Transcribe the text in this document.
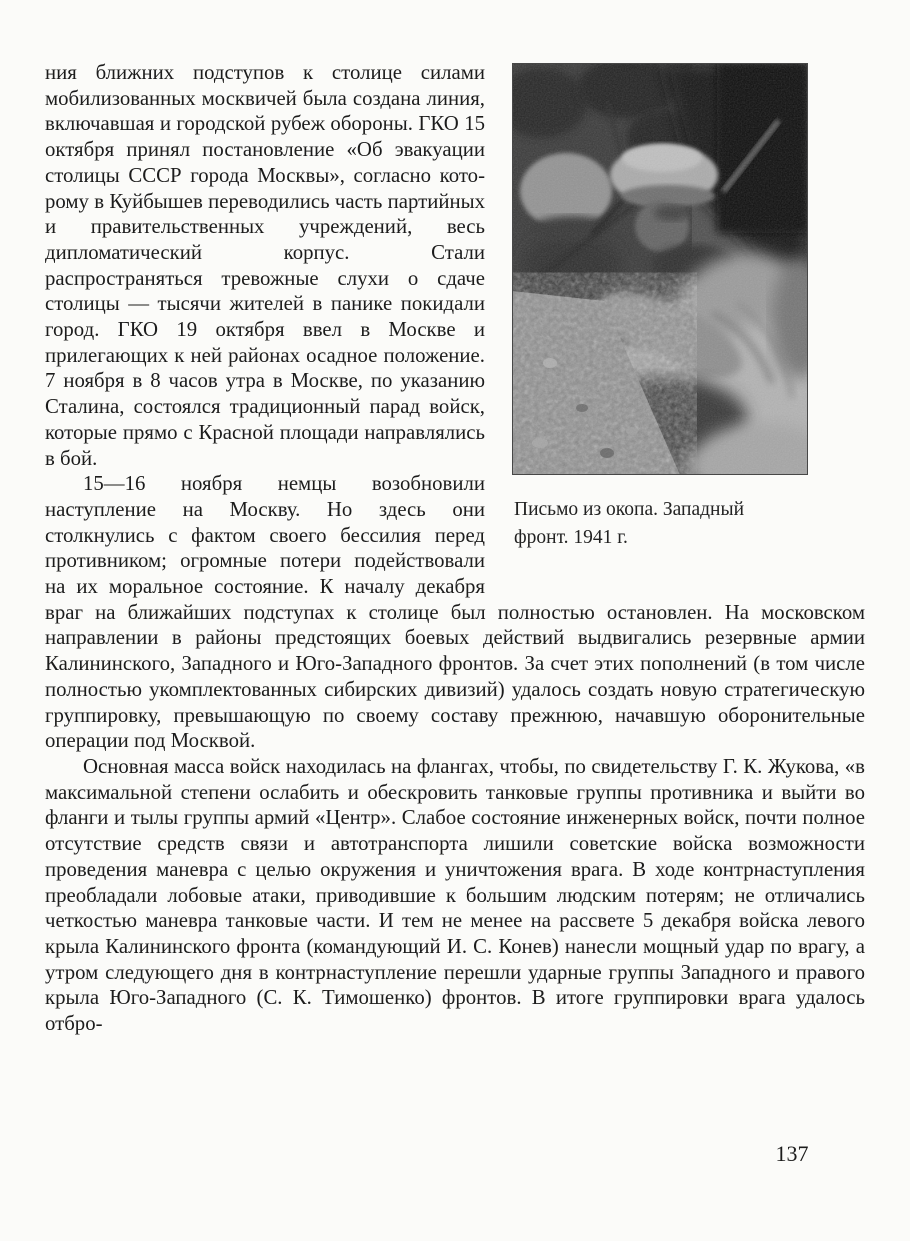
Письмо из окопа. Западный фронт. 1941 г.

ния ближних подступов к столице силами мобилизованных москвичей была создана линия, включавшая и городской рубеж обороны. ГКО 15 октября принял постановление «Об эвакуации столицы СССР города Москвы», согласно которому в Куйбышев переводились часть партийных и правительственных учреждений, весь дипломатический корпус. Стали распространяться тревожные слухи о сдаче столицы — тысячи жителей в панике покидали город. ГКО 19 октября ввел в Москве и прилегающих к ней районах осадное положение. 7 ноября в 8 часов утра в Москве, по указанию Сталина, состоялся традиционный парад войск, которые прямо с Красной площади направлялись в бой.

15—16 ноября немцы возобновили наступление на Москву. Но здесь они столкнулись с фактом своего бессилия перед противником; огромные потери подействовали на их моральное состояние. К началу декабря враг на ближайших подступах к столице был полностью остановлен. На московском направлении в районы предстоящих боевых действий выдвигались резервные армии Калининского, Западного и Юго-Западного фронтов. За счет этих пополнений (в том числе полностью укомплектованных сибирских дивизий) удалось создать новую стратегическую группировку, превышающую по своему составу прежнюю, начавшую оборонительные операции под Москвой.

Основная масса войск находилась на флангах, чтобы, по свидетельству Г. К. Жукова, «в максимальной степени ослабить и обескровить танковые группы противника и выйти во фланги и тылы группы армий «Центр». Слабое состояние инженерных войск, почти полное отсутствие средств связи и автотранспорта лишили советские войска возможности проведения маневра с целью окружения и уничтожения врага. В ходе контрнаступления преобладали лобовые атаки, приводившие к большим людским потерям; не отличались четкостью маневра танковые части. И тем не менее на рассвете 5 декабря войска левого крыла Калининского фронта (командующий И. С. Конев) нанесли мощный удар по врагу, а утром следующего дня в контрнаступление перешли ударные группы Западного и правого крыла Юго-Западного (С. К. Тимошенко) фронтов. В итоге группировки врага удалось отбро-

137
